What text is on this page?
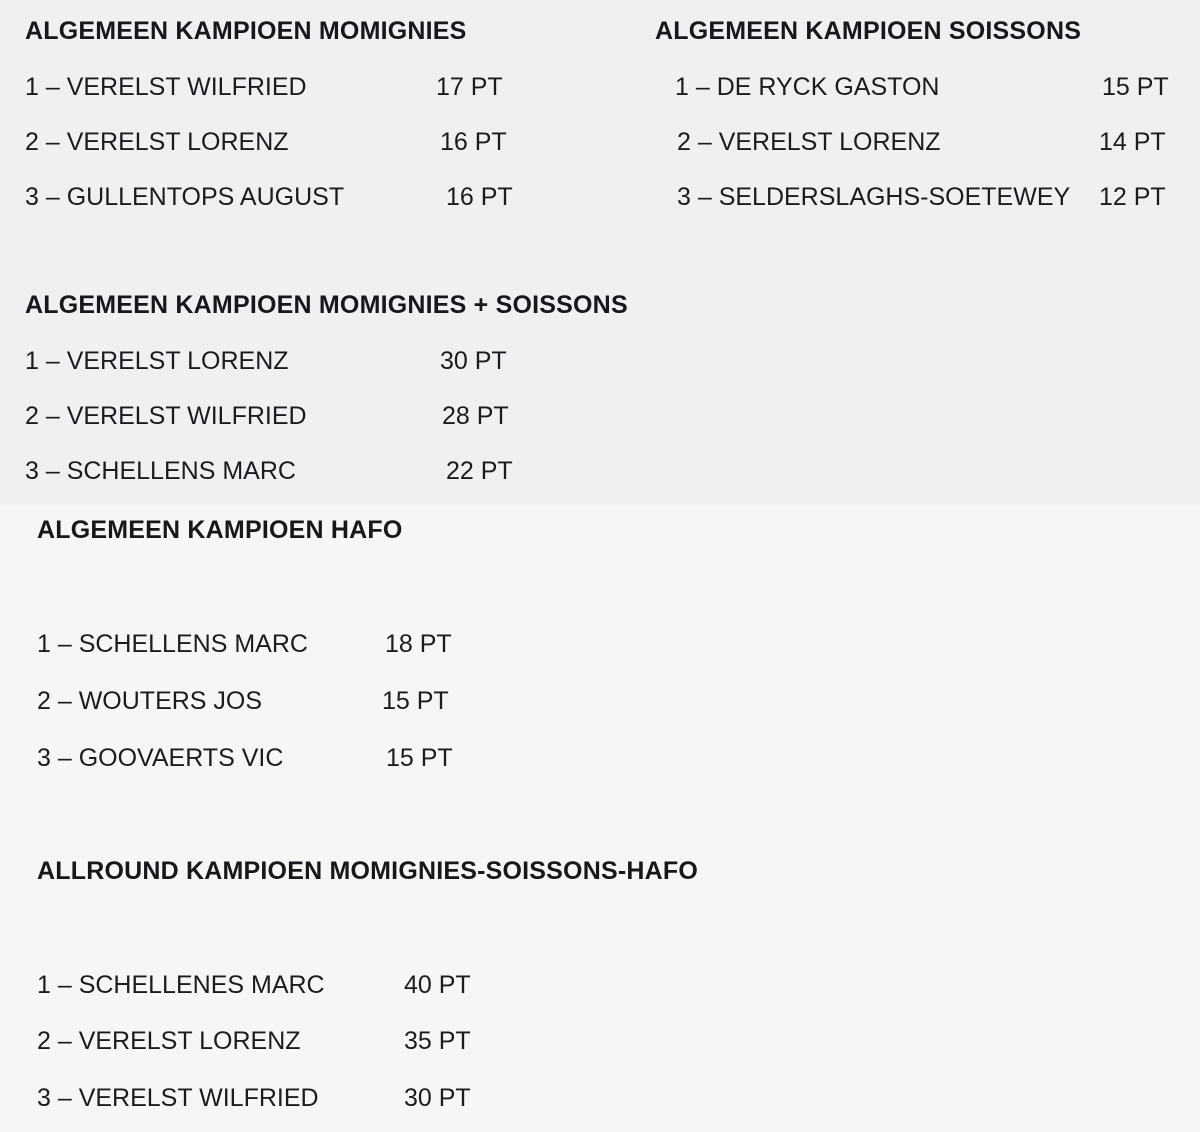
ALGEMEEN KAMPIOEN MOMIGNIES
1 – VERELST WILFRIED	17 PT
2 – VERELST LORENZ	16 PT
3 – GULLENTOPS AUGUST	16 PT
ALGEMEEN KAMPIOEN SOISSONS
1 – DE RYCK GASTON	15 PT
2 – VERELST LORENZ	14 PT
3 – SELDERSLAGHS-SOETEWEY 12 PT
ALGEMEEN KAMPIOEN MOMIGNIES + SOISSONS
1 – VERELST LORENZ	30 PT
2 – VERELST WILFRIED	28 PT
3 – SCHELLENS MARC	22 PT
ALGEMEEN KAMPIOEN HAFO
1 – SCHELLENS MARC	18 PT
2 – WOUTERS JOS	15 PT
3 – GOOVAERTS VIC	15 PT
ALLROUND KAMPIOEN MOMIGNIES-SOISSONS-HAFO
1 – SCHELLENES MARC	40 PT
2 – VERELST LORENZ	35 PT
3 – VERELST WILFRIED	30 PT
